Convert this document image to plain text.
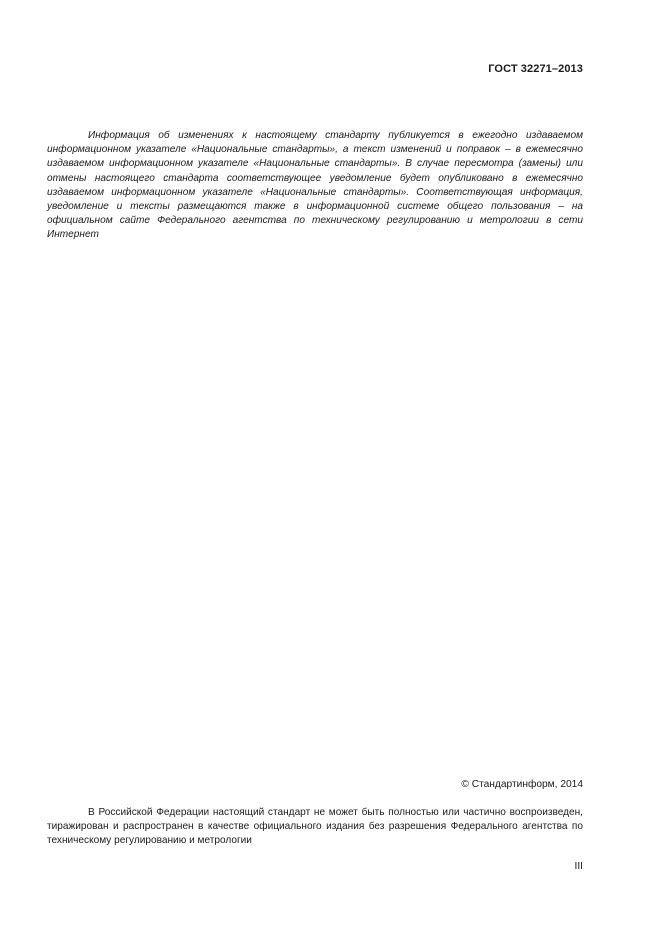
ГОСТ 32271–2013

Информация об изменениях к настоящему стандарту публикуется в ежегодно издаваемом информационном указателе «Национальные стандарты», а текст изменений и поправок – в ежемесячно издаваемом информационном указателе «Национальные стандарты». В случае пересмотра (замены) или отмены настоящего стандарта соответствующее уведомление будет опубликовано в ежемесячно издаваемом информационном указателе «Национальные стандарты». Соответствующая информация, уведомление и тексты размещаются также в информационной системе общего пользования – на официальном сайте Федерального агентства по техническому регулированию и метрологии в сети Интернет

© Стандартинформ, 2014

В Российской Федерации настоящий стандарт не может быть полностью или частично воспроизведен, тиражирован и распространен в качестве официального издания без разрешения Федерального агентства по техническому регулированию и метрологии

III
